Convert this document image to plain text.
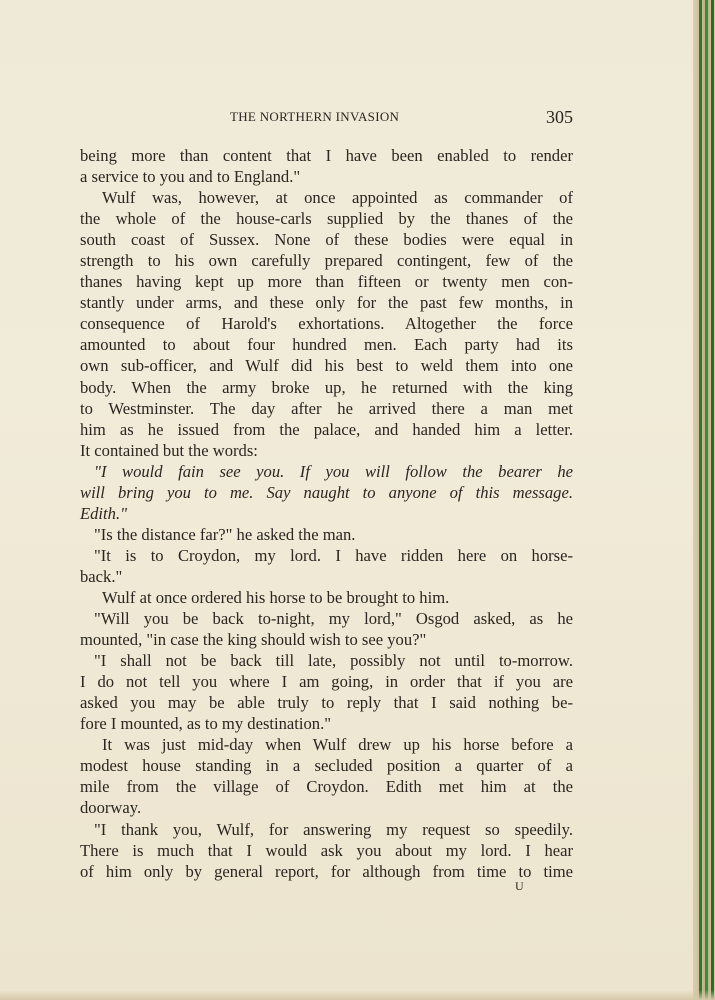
THE NORTHERN INVASION	305
being more than content that I have been enabled to render
a service to you and to England."
Wulf was, however, at once appointed as commander of
the whole of the house-carls supplied by the thanes of the
south coast of Sussex. None of these bodies were equal in
strength to his own carefully prepared contingent, few of the
thanes having kept up more than fifteen or twenty men con-
stantly under arms, and these only for the past few months, in
consequence of Harold's exhortations. Altogether the force
amounted to about four hundred men. Each party had its
own sub-officer, and Wulf did his best to weld them into one
body. When the army broke up, he returned with the king
to Westminster. The day after he arrived there a man met
him as he issued from the palace, and handed him a letter.
It contained but the words:
"I would fain see you. If you will follow the bearer he
will bring you to me. Say naught to anyone of this message.
Edith."
"Is the distance far?" he asked the man.
"It is to Croydon, my lord. I have ridden here on horse-
back."
Wulf at once ordered his horse to be brought to him.
"Will you be back to-night, my lord," Osgod asked, as he
mounted, "in case the king should wish to see you?"
"I shall not be back till late, possibly not until to-morrow.
I do not tell you where I am going, in order that if you are
asked you may be able truly to reply that I said nothing be-
fore I mounted, as to my destination."
It was just mid-day when Wulf drew up his horse before a
modest house standing in a secluded position a quarter of a
mile from the village of Croydon. Edith met him at the
doorway.
"I thank you, Wulf, for answering my request so speedily.
There is much that I would ask you about my lord. I hear
of him only by general report, for although from time to time
U
